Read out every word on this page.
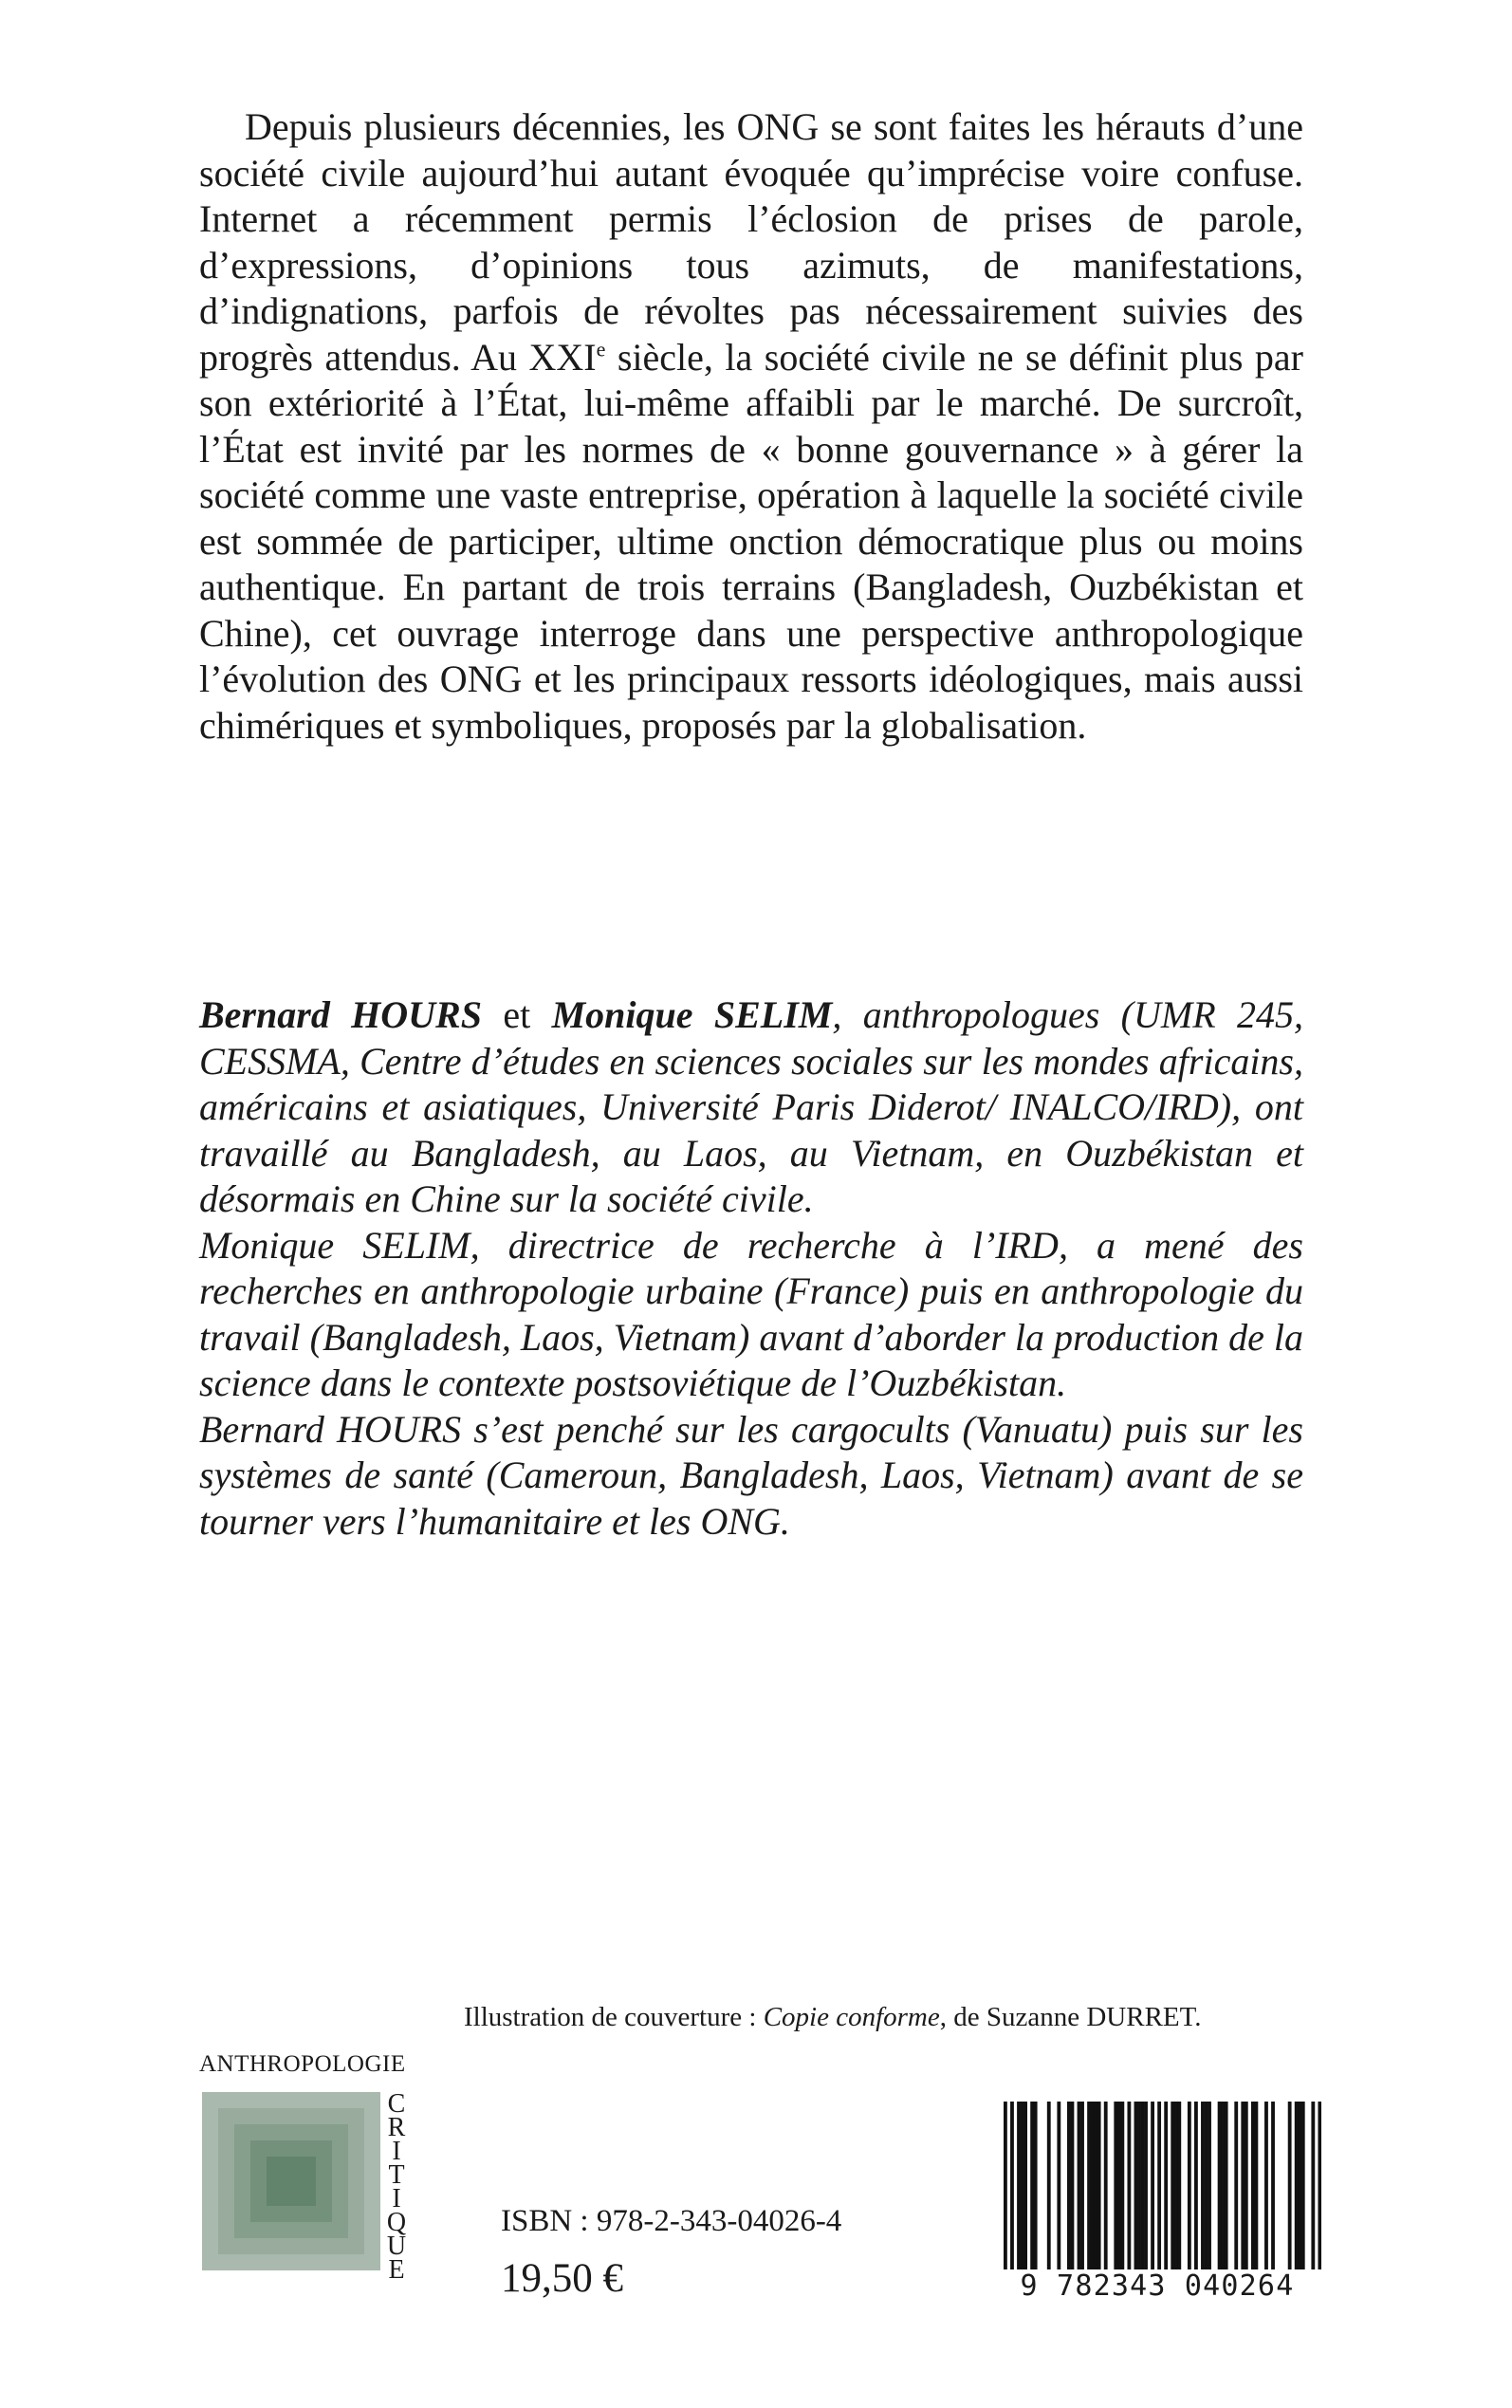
Depuis plusieurs décennies, les ONG se sont faites les hérauts d’une société civile aujourd’hui autant évoquée qu’imprécise voire confuse. Internet a récemment permis l’éclosion de prises de parole, d’expressions, d’opinions tous azimuts, de manifestations, d’indignations, parfois de révoltes pas nécessairement suivies des progrès attendus. Au XXIe siècle, la société civile ne se définit plus par son extériorité à l’État, lui-même affaibli par le marché. De surcroît, l’État est invité par les normes de « bonne gouvernance » à gérer la société comme une vaste entreprise, opération à laquelle la société civile est sommée de participer, ultime onction démocratique plus ou moins authentique. En partant de trois terrains (Bangladesh, Ouzbékistan et Chine), cet ouvrage interroge dans une perspective anthropologique l’évolution des ONG et les principaux ressorts idéologiques, mais aussi chimériques et symboliques, proposés par la globalisation.

Bernard HOURS et Monique SELIM, anthropologues (UMR 245, CESSMA, Centre d’études en sciences sociales sur les mondes africains, américains et asiatiques, Université Paris Diderot/ INALCO/IRD), ont travaillé au Bangladesh, au Laos, au Vietnam, en Ouzbékistan et désormais en Chine sur la société civile.
Monique SELIM, directrice de recherche à l’IRD, a mené des recherches en anthropologie urbaine (France) puis en anthropologie du travail (Bangladesh, Laos, Vietnam) avant d’aborder la production de la science dans le contexte postsoviétique de l’Ouzbékistan.
Bernard HOURS s’est penché sur les cargocults (Vanuatu) puis sur les systèmes de santé (Cameroun, Bangladesh, Laos, Vietnam) avant de se tourner vers l’humanitaire et les ONG.
Illustration de couverture : Copie conforme, de Suzanne DURRET.
ANTHROPOLOGIE
C
R
I
T
I
Q
U
E
ISBN : 978-2-343-04026-4
19,50 €	9 782343 040264
